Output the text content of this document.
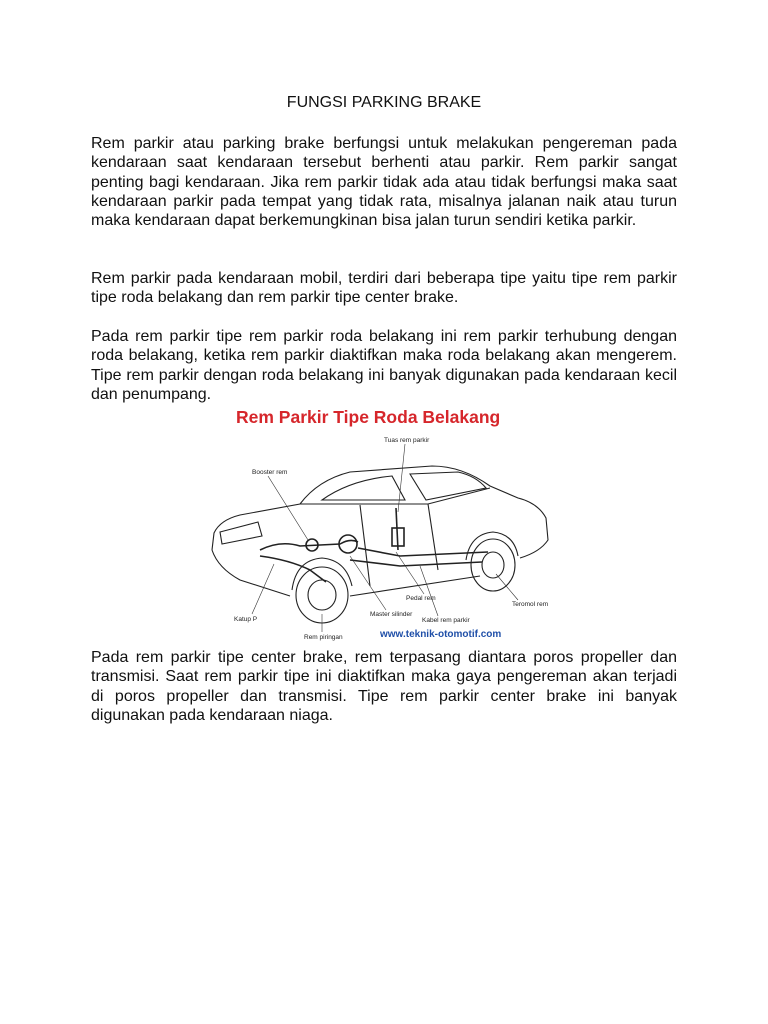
FUNGSI PARKING BRAKE

Rem parkir atau parking brake berfungsi untuk melakukan pengereman pada kendaraan saat kendaraan tersebut berhenti atau parkir. Rem parkir sangat penting bagi kendaraan. Jika rem parkir tidak ada atau tidak berfungsi maka saat kendaraan parkir pada tempat yang tidak rata, misalnya jalanan naik atau turun maka kendaraan dapat berkemungkinan bisa jalan turun sendiri ketika parkir.

Rem parkir pada kendaraan mobil, terdiri dari beberapa tipe yaitu tipe rem parkir tipe roda belakang dan rem parkir tipe center brake.

Pada rem parkir tipe rem parkir roda belakang ini rem parkir terhubung dengan roda belakang, ketika rem parkir diaktifkan maka roda belakang akan mengerem. Tipe rem parkir dengan roda belakang ini banyak digunakan pada kendaraan kecil dan penumpang.

Rem Parkir Tipe Roda Belakang
Tuas rem parkir
Booster rem
Pedal rem
Teromol rem
Katup P
Master silinder
Kabel rem parkir
Rem piringan	www.teknik-otomotif.com

Pada rem parkir tipe center brake, rem terpasang diantara poros propeller dan transmisi. Saat rem parkir tipe ini diaktifkan maka gaya pengereman akan terjadi di poros propeller dan transmisi. Tipe rem parkir center brake ini banyak digunakan pada kendaraan niaga.
